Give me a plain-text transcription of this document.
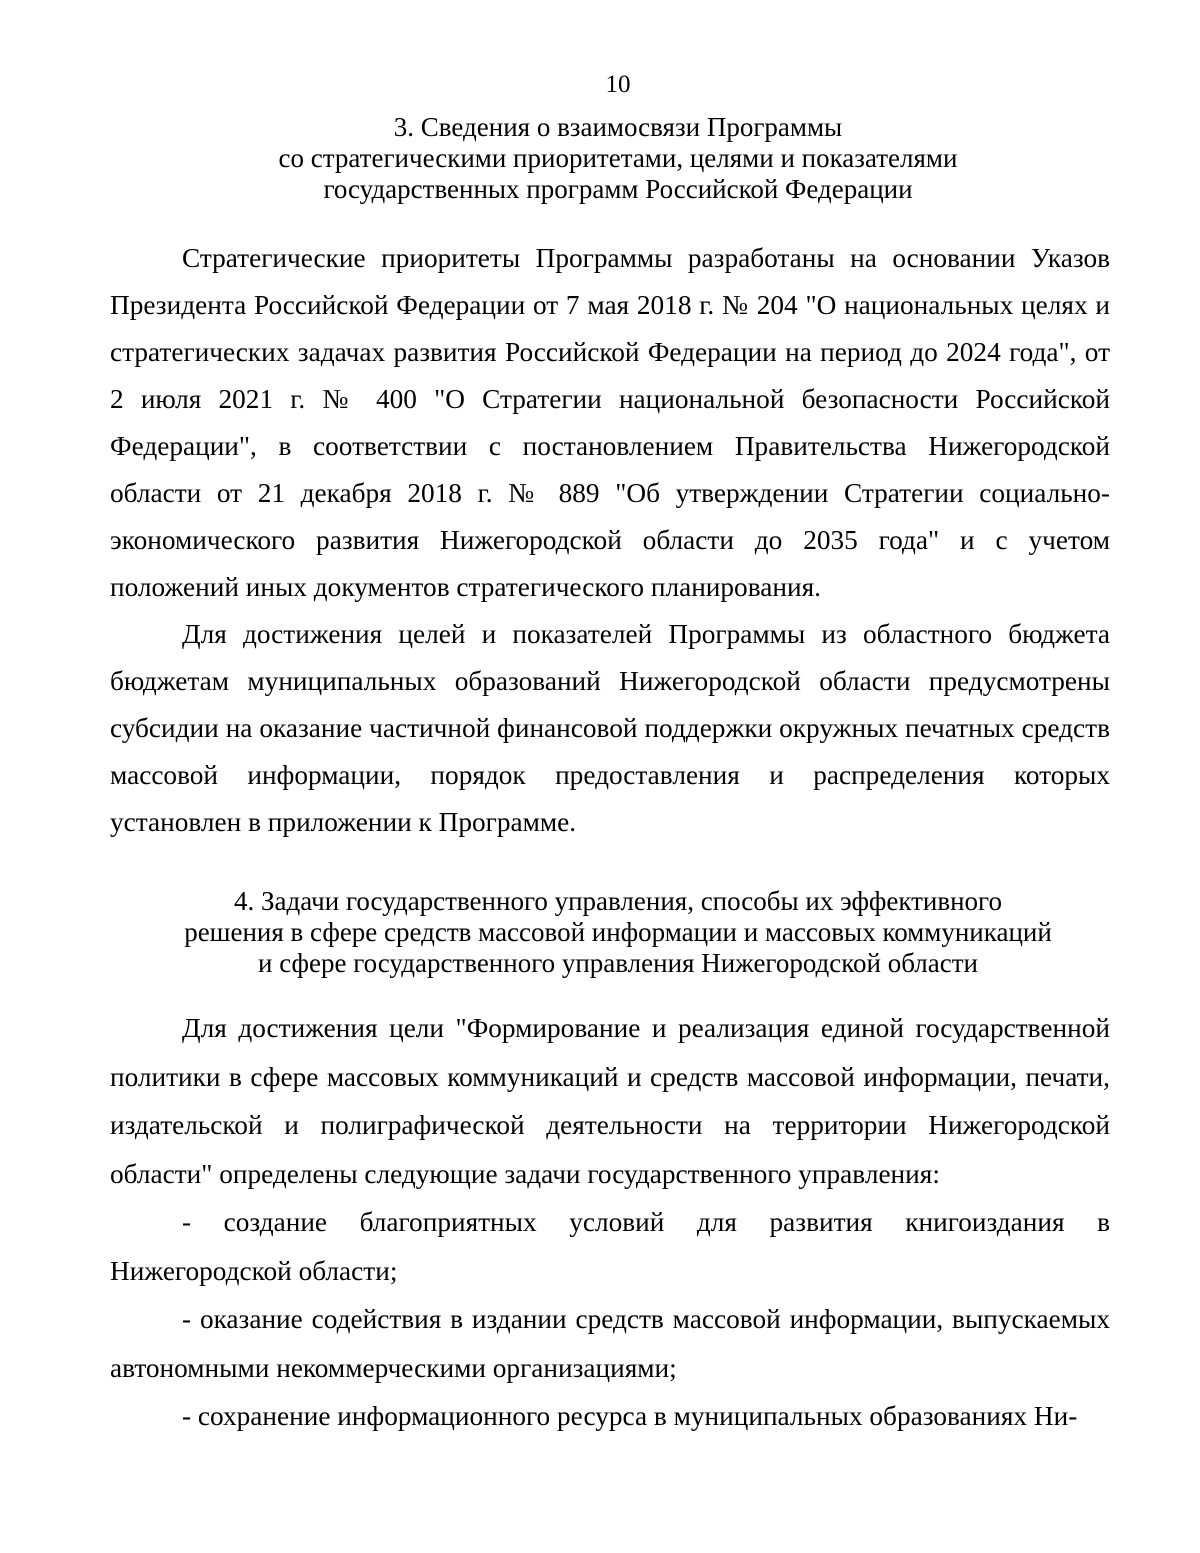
10
3. Сведения о взаимосвязи Программы
со стратегическими приоритетами, целями и показателями
государственных программ Российской Федерации

Стратегические приоритеты Программы разработаны на основании Указов Президента Российской Федерации от 7 мая 2018 г. № 204 "О национальных целях и стратегических задачах развития Российской Федерации на период до 2024 года", от 2 июля 2021 г. № 400 "О Стратегии национальной безопасности Российской Федерации", в соответствии с постановлением Правительства Нижегородской области от 21 декабря 2018 г. № 889 "Об утверждении Стратегии социально-экономического развития Нижегородской области до 2035 года" и с учетом положений иных документов стратегического планирования.

Для достижения целей и показателей Программы из областного бюджета бюджетам муниципальных образований Нижегородской области предусмотрены субсидии на оказание частичной финансовой поддержки окружных печатных средств массовой информации, порядок предоставления и распределения которых установлен в приложении к Программе.

4. Задачи государственного управления, способы их эффективного
решения в сфере средств массовой информации и массовых коммуникаций
и сфере государственного управления Нижегородской области

Для достижения цели "Формирование и реализация единой государственной политики в сфере массовых коммуникаций и средств массовой информации, печати, издательской и полиграфической деятельности на территории Нижегородской области" определены следующие задачи государственного управления:

- создание благоприятных условий для развития книгоиздания в Нижегородской области;

- оказание содействия в издании средств массовой информации, выпускаемых автономными некоммерческими организациями;

- сохранение информационного ресурса в муниципальных образованиях Ни-
